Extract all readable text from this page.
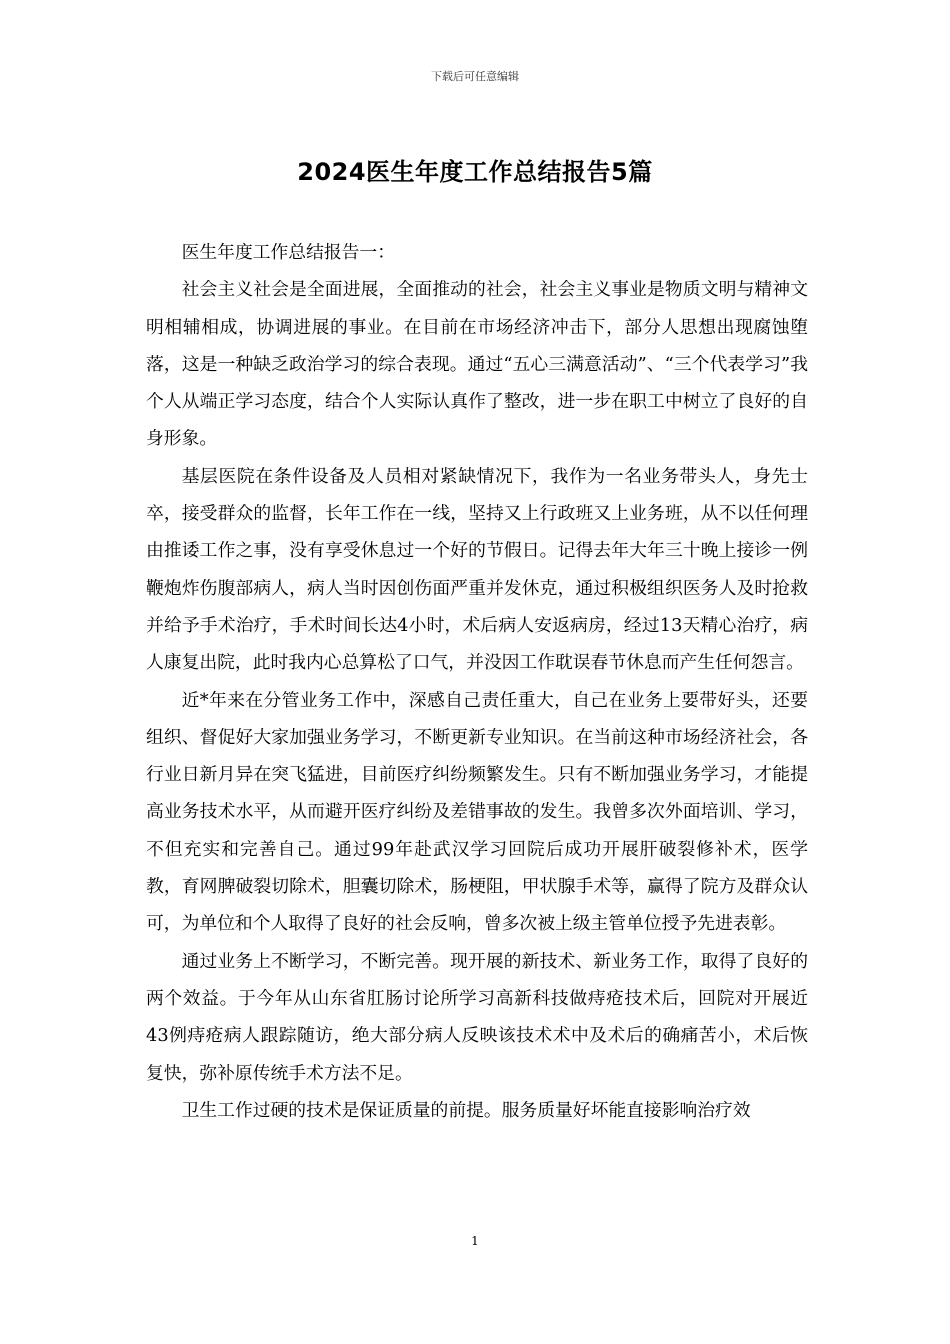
下载后可任意编辑
2024医生年度工作总结报告5篇

医生年度工作总结报告一：

社会主义社会是全面进展，全面推动的社会，社会主义事业是物质文明与精神文明相辅相成，协调进展的事业。在目前在市场经济冲击下，部分人思想出现腐蚀堕落，这是一种缺乏政治学习的综合表现。通过“五心三满意活动”、“三个代表学习”我个人从端正学习态度，结合个人实际认真作了整改，进一步在职工中树立了良好的自身形象。

基层医院在条件设备及人员相对紧缺情况下，我作为一名业务带头人，身先士卒，接受群众的监督，长年工作在一线，坚持又上行政班又上业务班，从不以任何理由推诿工作之事，没有享受休息过一个好的节假日。记得去年大年三十晚上接诊一例鞭炮炸伤腹部病人，病人当时因创伤面严重并发休克，通过积极组织医务人及时抢救并给予手术治疗，手术时间长达4小时，术后病人安返病房，经过13天精心治疗，病人康复出院，此时我内心总算松了口气，并没因工作耽误春节休息而产生任何怨言。

近*年来在分管业务工作中，深感自己责任重大，自己在业务上要带好头，还要组织、督促好大家加强业务学习，不断更新专业知识。在当前这种市场经济社会，各行业日新月异在突飞猛进，目前医疗纠纷频繁发生。只有不断加强业务学习，才能提高业务技术水平，从而避开医疗纠纷及差错事故的发生。我曾多次外面培训、学习，不但充实和完善自己。通过99年赴武汉学习回院后成功开展肝破裂修补术，医学教，育网脾破裂切除术，胆囊切除术，肠梗阻，甲状腺手术等，赢得了院方及群众认可，为单位和个人取得了良好的社会反响，曾多次被上级主管单位授予先进表彰。

通过业务上不断学习，不断完善。现开展的新技术、新业务工作，取得了良好的两个效益。于今年从山东省肛肠讨论所学习高新科技做痔疮技术后，回院对开展近43例痔疮病人跟踪随访，绝大部分病人反映该技术术中及术后的确痛苦小，术后恢复快，弥补原传统手术方法不足。

卫生工作过硬的技术是保证质量的前提。服务质量好坏能直接影响治疗效

1
